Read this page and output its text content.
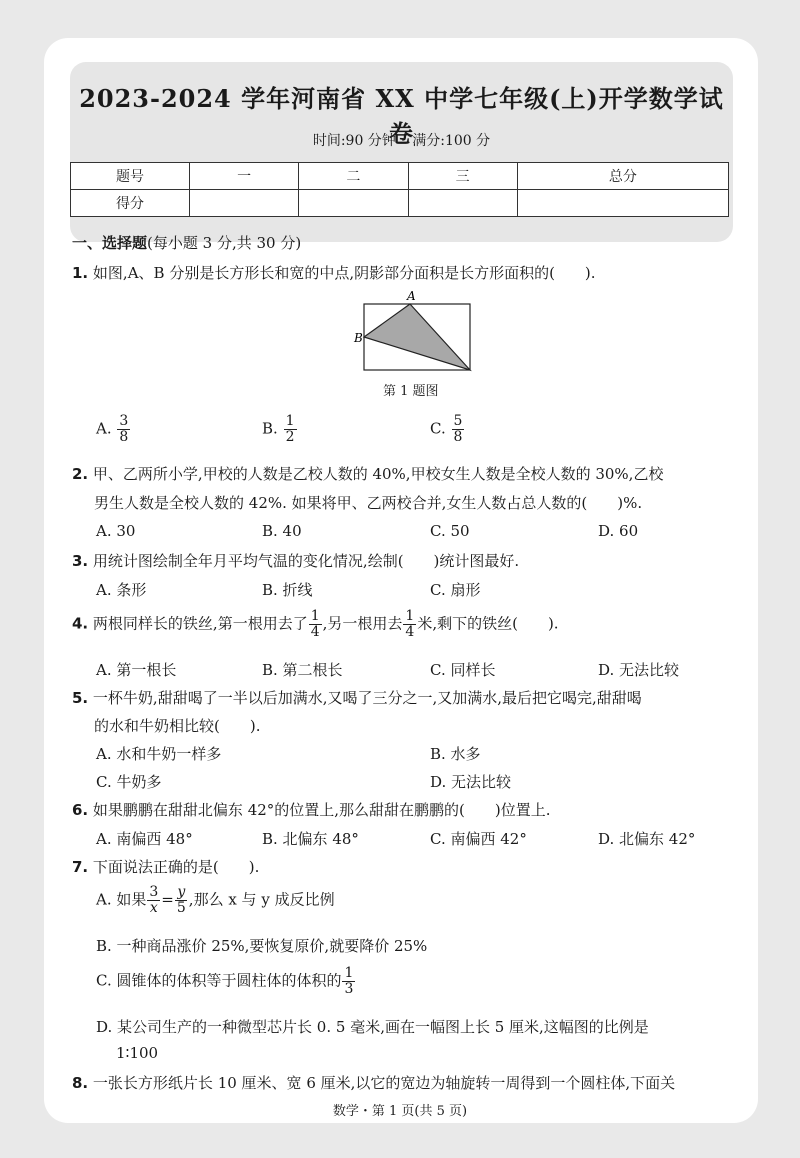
2023-2024 学年河南省 XX 中学七年级(上)开学数学试卷
时间:90 分钟 满分:100 分
题号	一	二	三	总分
得分				
一、选择题(每小题 3 分,共 30 分)
1. 如图,A、B 分别是长方形长和宽的中点,阴影部分面积是长方形面积的(　　).
A
B
第 1 题图
A. $\frac{3}{8}$	B. $\frac{1}{2}$	C. $\frac{5}{8}$
2. 甲、乙两所小学,甲校的人数是乙校人数的 40%,甲校女生人数是全校人数的 30%,乙校
男生人数是全校人数的 42%. 如果将甲、乙两校合并,女生人数占总人数的(　　)%.
A. 30	B. 40	C. 50	D. 60
3. 用统计图绘制全年月平均气温的变化情况,绘制(　　)统计图最好.
A. 条形	B. 折线	C. 扇形
4. 两根同样长的铁丝,第一根用去了 $\frac{1}{4}$ ,另一根用去 $\frac{1}{4}$ 米,剩下的铁丝(　　).
A. 第一根长	B. 第二根长	C. 同样长	D. 无法比较
5. 一杯牛奶,甜甜喝了一半以后加满水,又喝了三分之一,又加满水,最后把它喝完,甜甜喝
的水和牛奶相比较(　　).
A. 水和牛奶一样多	B. 水多
C. 牛奶多	D. 无法比较
6. 如果鹏鹏在甜甜北偏东 42°的位置上,那么甜甜在鹏鹏的(　　)位置上.
A. 南偏西 48°	B. 北偏东 48°	C. 南偏西 42°	D. 北偏东 42°
7. 下面说法正确的是(　　).
A. 如果 $\frac{3}{x} = \frac{y}{5}$ ,那么 x 与 y 成反比例
B. 一种商品涨价 25%,要恢复原价,就要降价 25%
C. 圆锥体的体积等于圆柱体的体积的 $\frac{1}{3}$
D. 某公司生产的一种微型芯片长 0. 5 毫米,画在一幅图上长 5 厘米,这幅图的比例是
1∶100
8. 一张长方形纸片长 10 厘米、宽 6 厘米,以它的宽边为轴旋转一周得到一个圆柱体,下面关
数学・第 1 页(共 5 页)
